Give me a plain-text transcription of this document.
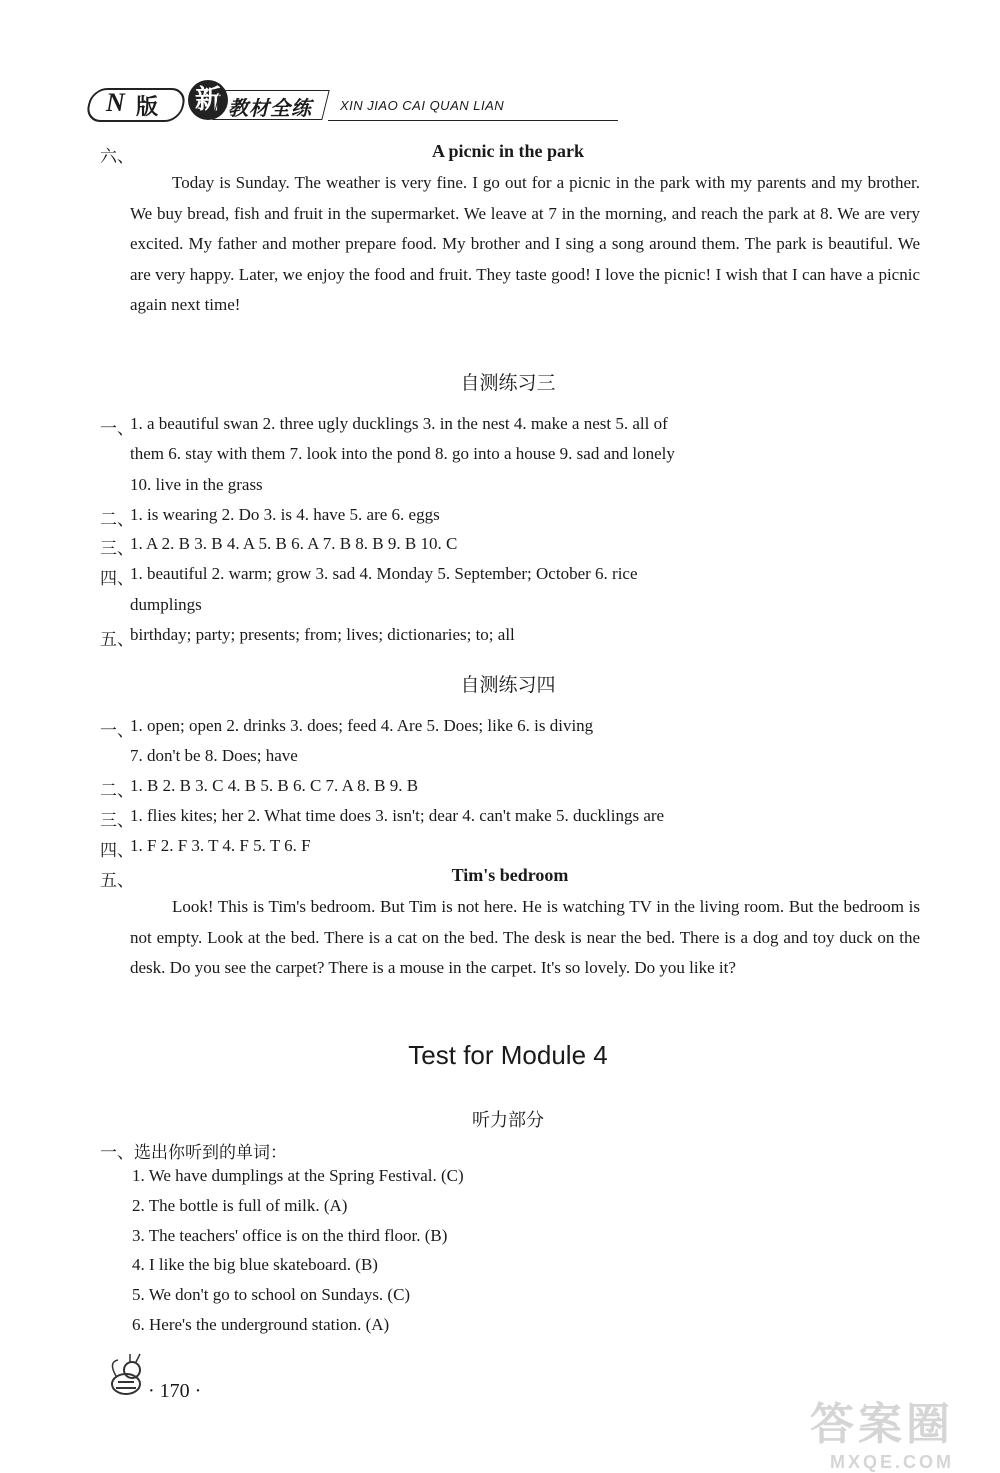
N 版 新 教材全练 XIN JIAO CAI QUAN LIAN
六、	A picnic in the park
Today is Sunday. The weather is very fine. I go out for a picnic in the park with my parents and my brother. We buy bread, fish and fruit in the supermarket. We leave at 7 in the morning, and reach the park at 8. We are very excited. My father and mother prepare food. My brother and I sing a song around them. The park is beautiful. We are very happy. Later, we enjoy the food and fruit. They taste good! I love the picnic! I wish that I can have a picnic again next time!
自测练习三
一、
1. a beautiful swan 2. three ugly ducklings 3. in the nest 4. make a nest 5. all of
them 6. stay with them 7. look into the pond 8. go into a house 9. sad and lonely
10. live in the grass
二、
1. is wearing 2. Do 3. is 4. have 5. are 6. eggs
三、
1. A 2. B 3. B 4. A 5. B 6. A 7. B 8. B 9. B 10. C
四、
1. beautiful 2. warm; grow 3. sad 4. Monday 5. September; October 6. rice
dumplings
五、
birthday; party; presents; from; lives; dictionaries; to; all
自测练习四
一、
1. open; open 2. drinks 3. does; feed 4. Are 5. Does; like 6. is diving
7. don't be 8. Does; have
二、
1. B 2. B 3. C 4. B 5. B 6. C 7. A 8. B 9. B
三、
1. flies kites; her 2. What time does 3. isn't; dear 4. can't make 5. ducklings are
四、
1. F 2. F 3. T 4. F 5. T 6. F
五、	Tim's bedroom
Look! This is Tim's bedroom. But Tim is not here. He is watching TV in the living room. But the bedroom is not empty. Look at the bed. There is a cat on the bed. The desk is near the bed. There is a dog and toy duck on the desk. Do you see the carpet? There is a mouse in the carpet. It's so lovely. Do you like it?
Test for Module 4
听力部分
一、选出你听到的单词：
1. We have dumplings at the Spring Festival. (C)
2. The bottle is full of milk. (A)
3. The teachers' office is on the third floor. (B)
4. I like the big blue skateboard. (B)
5. We don't go to school on Sundays. (C)
6. Here's the underground station. (A)
· 170 ·
答案圈
MXQE.COM
